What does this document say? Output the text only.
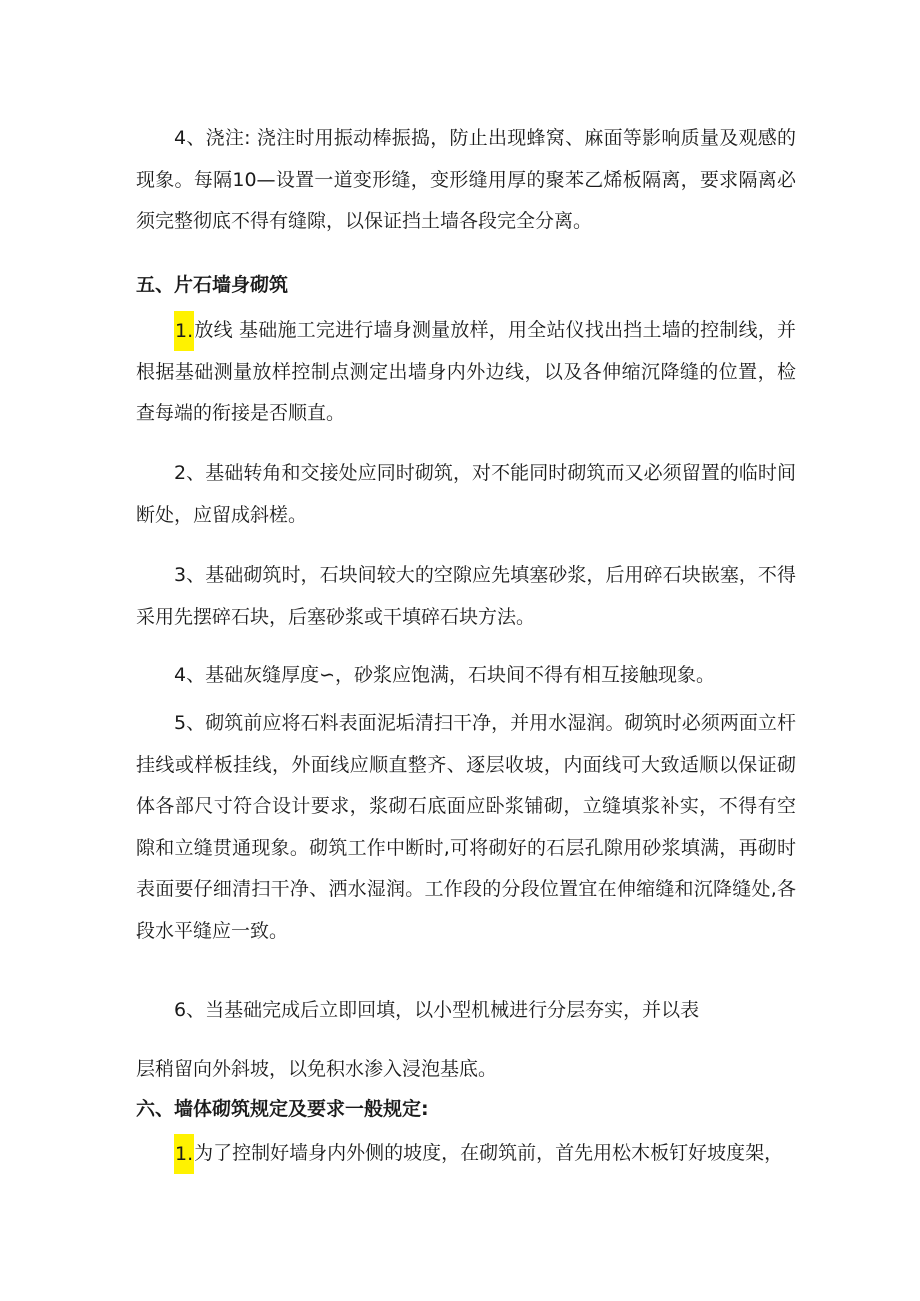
4、浇注: 浇注时用振动棒振捣，防止出现蜂窝、麻面等影响质量及观感的现象。每隔10—设置一道变形缝，变形缝用厚的聚苯乙烯板隔离，要求隔离必须完整彻底不得有缝隙，以保证挡土墙各段完全分离。

五、片石墙身砌筑

1.放线 基础施工完进行墙身测量放样，用全站仪找出挡土墙的控制线，并根据基础测量放样控制点测定出墙身内外边线，以及各伸缩沉降缝的位置，检查每端的衔接是否顺直。

2、基础转角和交接处应同时砌筑，对不能同时砌筑而又必须留置的临时间断处，应留成斜槎。

3、基础砌筑时，石块间较大的空隙应先填塞砂浆，后用碎石块嵌塞，不得采用先摆碎石块，后塞砂浆或干填碎石块方法。

4、基础灰缝厚度∽，砂浆应饱满，石块间不得有相互接触现象。

5、砌筑前应将石料表面泥垢清扫干净，并用水湿润。砌筑时必须两面立杆挂线或样板挂线，外面线应顺直整齐、逐层收坡，内面线可大致适顺以保证砌体各部尺寸符合设计要求，浆砌石底面应卧浆铺砌，立缝填浆补实，不得有空隙和立缝贯通现象。砌筑工作中断时,可将砌好的石层孔隙用砂浆填满，再砌时表面要仔细清扫干净、洒水湿润。工作段的分段位置宜在伸缩缝和沉降缝处,各段水平缝应一致。

6、当基础完成后立即回填，以小型机械进行分层夯实，并以表

层稍留向外斜坡，以免积水渗入浸泡基底。

六、墙体砌筑规定及要求一般规定:

1.为了控制好墙身内外侧的坡度，在砌筑前，首先用松木板钉好坡度架，
